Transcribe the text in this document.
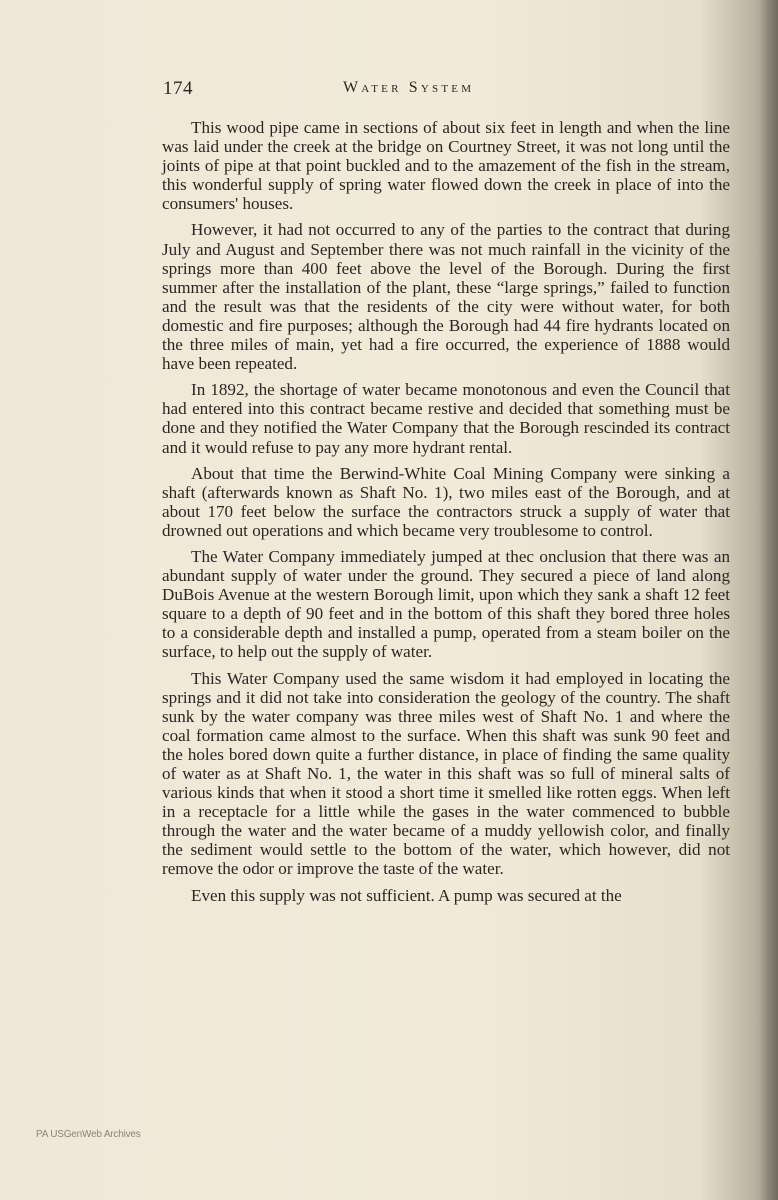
174	Water System

This wood pipe came in sections of about six feet in length and when the line was laid under the creek at the bridge on Courtney Street, it was not long until the joints of pipe at that point buckled and to the amazement of the fish in the stream, this wonderful supply of spring water flowed down the creek in place of into the consumers' houses.

However, it had not occurred to any of the parties to the contract that during July and August and September there was not much rainfall in the vicinity of the springs more than 400 feet above the level of the Borough. During the first summer after the installation of the plant, these “large springs,” failed to function and the result was that the residents of the city were without water, for both domestic and fire purposes; although the Borough had 44 fire hydrants located on the three miles of main, yet had a fire occurred, the experience of 1888 would have been repeated.

In 1892, the shortage of water became monotonous and even the Council that had entered into this contract became restive and decided that something must be done and they notified the Water Company that the Borough rescinded its contract and it would refuse to pay any more hydrant rental.

About that time the Berwind-White Coal Mining Company were sinking a shaft (afterwards known as Shaft No. 1), two miles east of the Borough, and at about 170 feet below the surface the contractors struck a supply of water that drowned out operations and which became very troublesome to control.

The Water Company immediately jumped at thec onclusion that there was an abundant supply of water under the ground. They secured a piece of land along DuBois Avenue at the western Borough limit, upon which they sank a shaft 12 feet square to a depth of 90 feet and in the bottom of this shaft they bored three holes to a considerable depth and installed a pump, operated from a steam boiler on the surface, to help out the supply of water.

This Water Company used the same wisdom it had employed in locating the springs and it did not take into consideration the geology of the country. The shaft sunk by the water company was three miles west of Shaft No. 1 and where the coal formation came almost to the surface. When this shaft was sunk 90 feet and the holes bored down quite a further distance, in place of finding the same quality of water as at Shaft No. 1, the water in this shaft was so full of mineral salts of various kinds that when it stood a short time it smelled like rotten eggs. When left in a receptacle for a little while the gases in the water commenced to bubble through the water and the water became of a muddy yellowish color, and finally the sediment would settle to the bottom of the water, which however, did not remove the odor or improve the taste of the water.

Even this supply was not sufficient. A pump was secured at the

PA USGenWeb Archives
